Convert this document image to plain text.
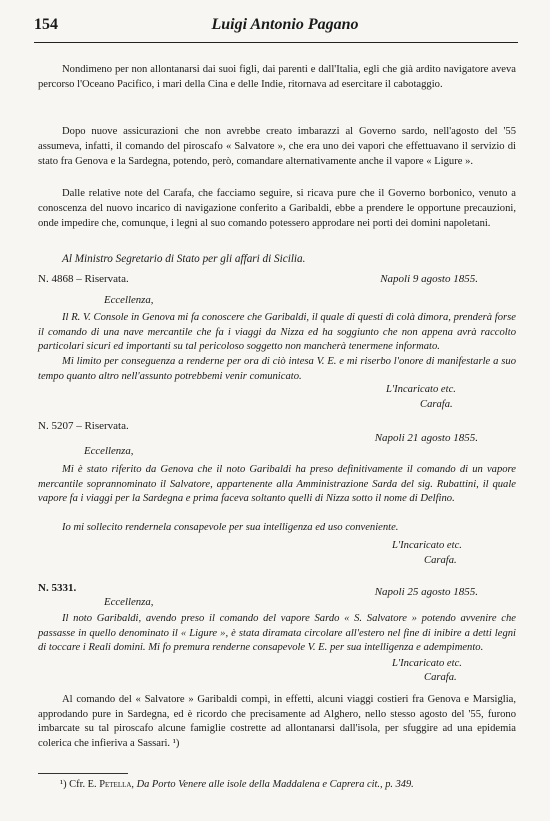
154	Luigi Antonio Pagano

Nondimeno per non allontanarsi dai suoi figli, dai parenti e dall'Italia, egli che già ardito navigatore aveva percorso l'Oceano Pacifico, i mari della Cina e delle Indie, ritornava ad esercitare il cabotaggio.

Dopo nuove assicurazioni che non avrebbe creato imbarazzi al Governo sardo, nell'agosto del '55 assumeva, infatti, il comando del piroscafo « Salvatore », che era uno dei vapori che effettuavano il servizio di stato fra Genova e la Sardegna, potendo, però, comandare alternativamente anche il vapore « Ligure ».

Dalle relative note del Carafa, che facciamo seguire, si ricava pure che il Governo borbonico, venuto a conoscenza del nuovo incarico di navigazione conferito a Garibaldi, ebbe a prendere le opportune precauzioni, onde impedire che, comunque, i legni al suo comando potessero approdare nei porti dei domini napoletani.

Al Ministro Segretario di Stato per gli affari di Sicilia.
N. 4868 – Riservata.	Napoli 9 agosto 1855.
Eccellenza,

Il R. V. Console in Genova mi fa conoscere che Garibaldi, il quale di questi dì colà dimora, prenderà forse il comando di una nave mercantile che fa i viaggi da Nizza ed ha soggiunto che non appena avrà raccolto particolari sicuri ed importanti su tal pericoloso soggetto non mancherà tenermene informato.

Mi limito per conseguenza a renderne per ora di ciò intesa V. E. e mi riserbo l'onore di manifestarle a suo tempo quanto altro nell'assunto potrebbemi venir comunicato.

L'Incaricato etc.
Carafa.
N. 5207 – Riservata.
Napoli 21 agosto 1855.
Eccellenza,

Mi è stato riferito da Genova che il noto Garibaldi ha preso definitivamente il comando di un vapore mercantile soprannominato il Salvatore, appartenente alla Amministrazione Sarda del sig. Rubattini, il quale vapore fa i viaggi per la Sardegna e prima faceva soltanto quelli di Nizza sotto il nome di Delfino.

Io mi sollecito rendernela consapevole per sua intelligenza ed uso conveniente.

L'Incaricato etc.
Carafa.
N. 5331.	Napoli 25 agosto 1855.
Eccellenza,

Il noto Garibaldi, avendo preso il comando del vapore Sardo « S. Salvatore » potendo avvenire che passasse in quello denominato il « Ligure », è stata diramata circolare all'estero nel fine di inibire a detti legni di toccare i Reali domini. Mi fo premura renderne consapevole V. E. per sua intelligenza e adempimento.

L'Incaricato etc.
Carafa.

Al comando del « Salvatore » Garibaldi compì, in effetti, alcuni viaggi costieri fra Genova e Marsiglia, approdando pure in Sardegna, ed è ricordo che precisamente ad Alghero, nello stesso agosto del '55, furono imbarcate su tal piroscafo alcune famiglie costrette ad allontanarsi dall'isola, per sfuggire ad una epidemia colerica che infieriva a Sassari. ¹)

¹) Cfr. E. Petella, Da Porto Venere alle isole della Maddalena e Caprera cit., p. 349.
